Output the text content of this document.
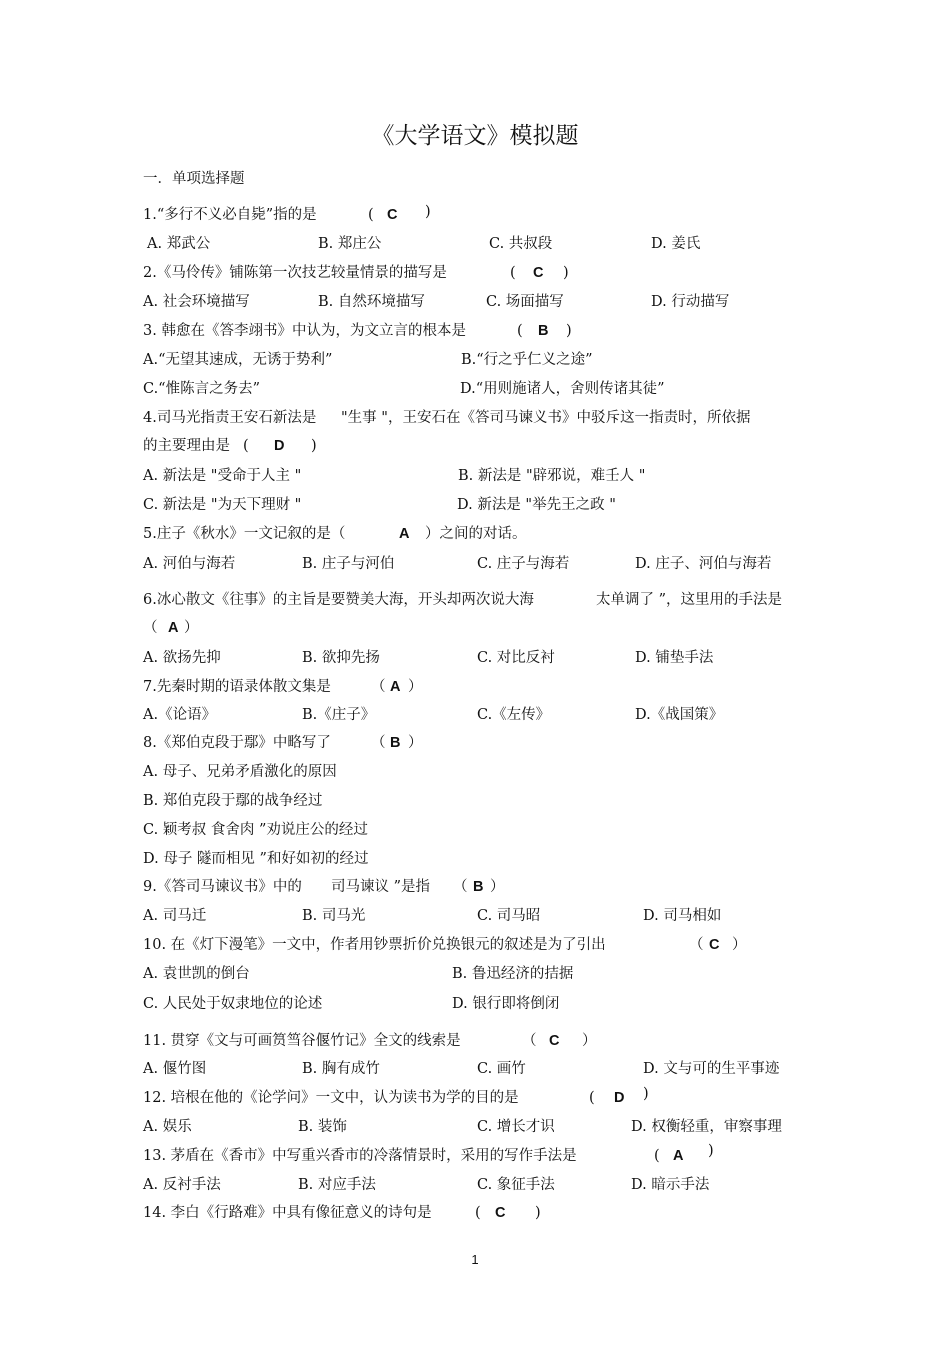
《大学语文》模拟题
一．单项选择题
1.“多行不义必自毙”指的是	( C )
A. 郑武公	B. 郑庄公	C. 共叔段	D. 姜氏
2.《马伶传》铺陈第一次技艺较量情景的描写是	( C )
A. 社会环境描写	B. 自然环境描写	C. 场面描写	D. 行动描写
3. 韩愈在《答李翊书》中认为，为文立言的根本是	( B )
A.“无望其速成，无诱于势利”	B.“行之乎仁义之途”
C.“惟陈言之务去”	D.“用则施诸人，舍则传诸其徒”
4.司马光指责王安石新法是 "生事 "，王安石在《答司马谏义书》中驳斥这一指责时，所依据
的主要理由是 ( D )
A. 新法是 "受命于人主 "	B. 新法是 "辟邪说，难壬人 "
C. 新法是 "为天下理财 "	D. 新法是 "举先王之政 "
5.庄子《秋水》一文记叙的是（	A ）之间的对话。
A. 河伯与海若	B. 庄子与河伯	C. 庄子与海若	D. 庄子、河伯与海若
6.冰心散文《往事》的主旨是要赞美大海，开头却两次说大海	太单调了 ”，这里用的手法是
（ A ）
A. 欲扬先抑	B. 欲抑先扬	C. 对比反衬	D. 铺垫手法
7.先秦时期的语录体散文集是	（ A ）
A.《论语》	B.《庄子》	C.《左传》	D.《战国策》
8.《郑伯克段于鄢》中略写了	（ B ）
A. 母子、兄弟矛盾激化的原因
B. 郑伯克段于鄢的战争经过
C. 颖考叔 食舍肉 ”劝说庄公的经过
D. 母子 隧而相见 ”和好如初的经过
9.《答司马谏议书》中的 司马谏议 ”是指 （ B ）
A. 司马迁	B. 司马光	C. 司马昭	D. 司马相如
10. 在《灯下漫笔》一文中，作者用钞票折价兑换银元的叙述是为了引出	（ C ）
A. 袁世凯的倒台	B. 鲁迅经济的拮据
C. 人民处于奴隶地位的论述	D. 银行即将倒闭
11. 贯穿《文与可画筼筜谷偃竹记》全文的线索是	（ C ）
A. 偃竹图	B. 胸有成竹	C. 画竹	D. 文与可的生平事迹
12. 培根在他的《论学问》一文中，认为读书为学的目的是	( D )
A. 娱乐	B. 装饰	C. 增长才识	D. 权衡轻重，审察事理
13. 茅盾在《香市》中写重兴香市的冷落情景时，采用的写作手法是	( A )
A. 反衬手法	B. 对应手法	C. 象征手法	D. 暗示手法
14. 李白《行路难》中具有像征意义的诗句是	( C )
1
